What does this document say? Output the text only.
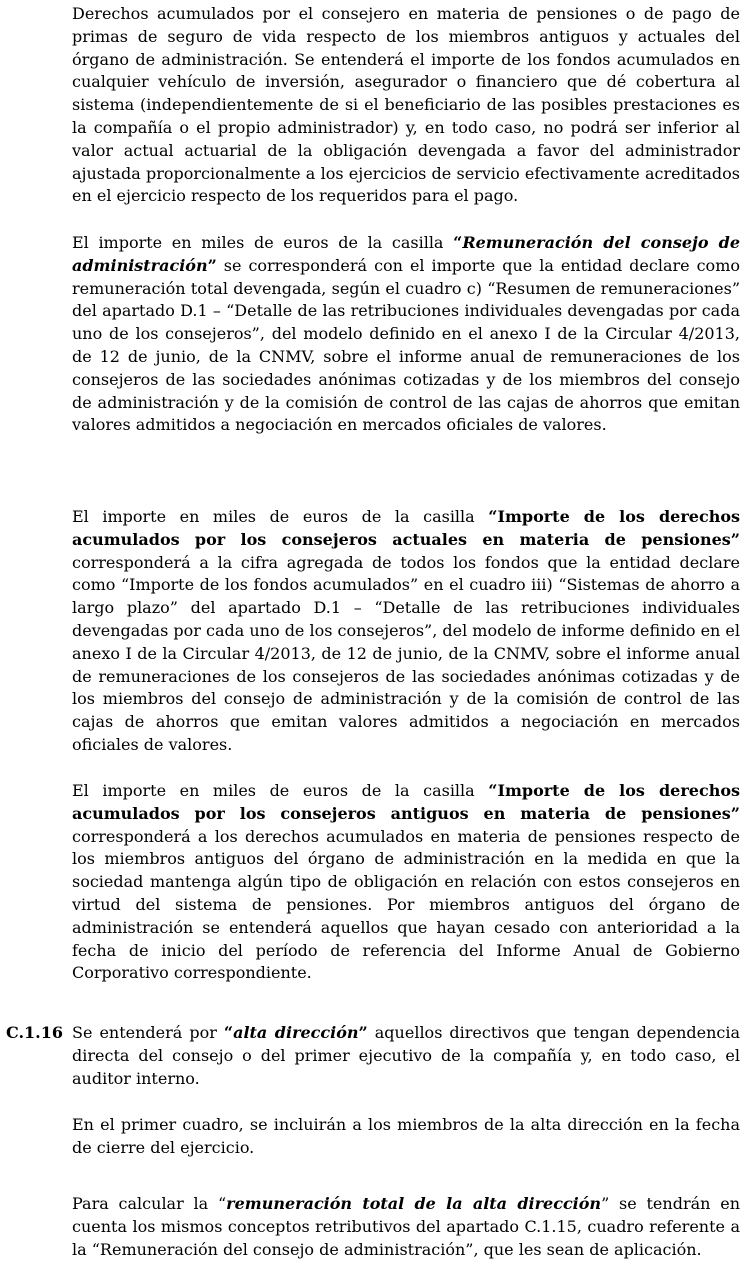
Derechos acumulados por el consejero en materia de pensiones o de pago de primas de seguro de vida respecto de los miembros antiguos y actuales del órgano de administración. Se entenderá el importe de los fondos acumulados en cualquier vehículo de inversión, asegurador o financiero que dé cobertura al sistema (independientemente de si el beneficiario de las posibles prestaciones es la compañía o el propio administrador) y, en todo caso, no podrá ser inferior al valor actual actuarial de la obligación devengada a favor del administrador ajustada proporcionalmente a los ejercicios de servicio efectivamente acreditados en el ejercicio respecto de los requeridos para el pago.

El importe en miles de euros de la casilla “Remuneración del consejo de administración” se corresponderá con el importe que la entidad declare como remuneración total devengada, según el cuadro c) “Resumen de remuneraciones” del apartado D.1 – “Detalle de las retribuciones individuales devengadas por cada uno de los consejeros”, del modelo definido en el anexo I de la Circular 4/2013, de 12 de junio, de la CNMV, sobre el informe anual de remuneraciones de los consejeros de las sociedades anónimas cotizadas y de los miembros del consejo de administración y de la comisión de control de las cajas de ahorros que emitan valores admitidos a negociación en mercados oficiales de valores.

El importe en miles de euros de la casilla “Importe de los derechos acumulados por los consejeros actuales en materia de pensiones” corresponderá a la cifra agregada de todos los fondos que la entidad declare como “Importe de los fondos acumulados” en el cuadro iii) “Sistemas de ahorro a largo plazo” del apartado D.1 – “Detalle de las retribuciones individuales devengadas por cada uno de los consejeros”, del modelo de informe definido en el anexo I de la Circular 4/2013, de 12 de junio, de la CNMV, sobre el informe anual de remuneraciones de los consejeros de las sociedades anónimas cotizadas y de los miembros del consejo de administración y de la comisión de control de las cajas de ahorros que emitan valores admitidos a negociación en mercados oficiales de valores.

El importe en miles de euros de la casilla “Importe de los derechos acumulados por los consejeros antiguos en materia de pensiones” corresponderá a los derechos acumulados en materia de pensiones respecto de los miembros antiguos del órgano de administración en la medida en que la sociedad mantenga algún tipo de obligación en relación con estos consejeros en virtud del sistema de pensiones. Por miembros antiguos del órgano de administración se entenderá aquellos que hayan cesado con anterioridad a la fecha de inicio del período de referencia del Informe Anual de Gobierno Corporativo correspondiente.

C.1.16 Se entenderá por “alta dirección” aquellos directivos que tengan dependencia directa del consejo o del primer ejecutivo de la compañía y, en todo caso, el auditor interno.

En el primer cuadro, se incluirán a los miembros de la alta dirección en la fecha de cierre del ejercicio.

Para calcular la “remuneración total de la alta dirección” se tendrán en cuenta los mismos conceptos retributivos del apartado C.1.15, cuadro referente a la “Remuneración del consejo de administración”, que les sean de aplicación.
